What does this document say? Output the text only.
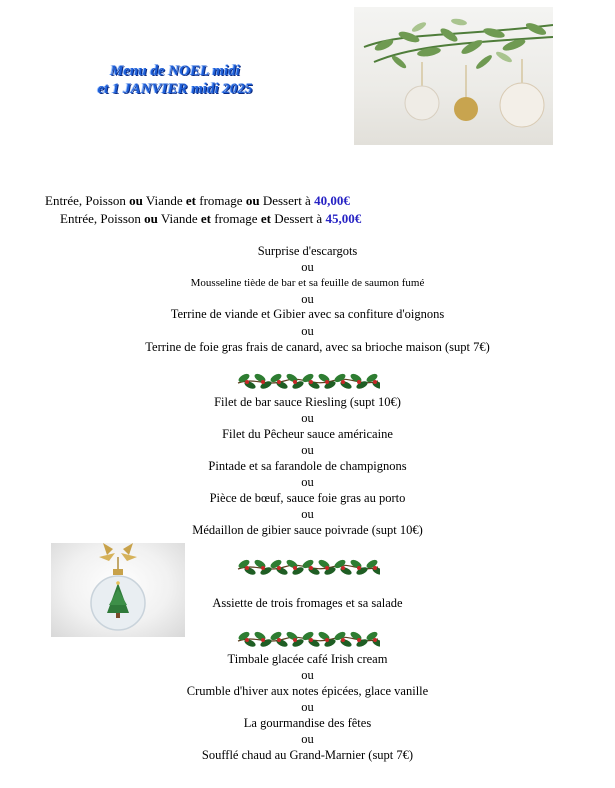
Menu de NOEL midi
et 1 JANVIER midi 2025
Entrée, Poisson ou Viande et fromage ou Dessert à 40,00€
Entrée, Poisson ou Viande et fromage et Dessert à 45,00€
Surprise d'escargots
ou
Mousseline tiède de bar et sa feuille de saumon fumé
ou
Terrine de viande et Gibier avec sa confiture d'oignons
ou
Terrine de foie gras frais de canard, avec sa brioche maison (supt 7€)
Filet de bar sauce Riesling (supt 10€)
ou
Filet du Pêcheur sauce américaine
ou
Pintade et sa farandole de champignons
ou
Pièce de bœuf, sauce foie gras au porto
ou
Médaillon de gibier sauce poivrade (supt 10€)
Assiette de trois fromages et sa salade
Timbale glacée café Irish cream
ou
Crumble d'hiver aux notes épicées, glace vanille
ou
La gourmandise des fêtes
ou
Soufflé chaud au Grand-Marnier (supt 7€)
